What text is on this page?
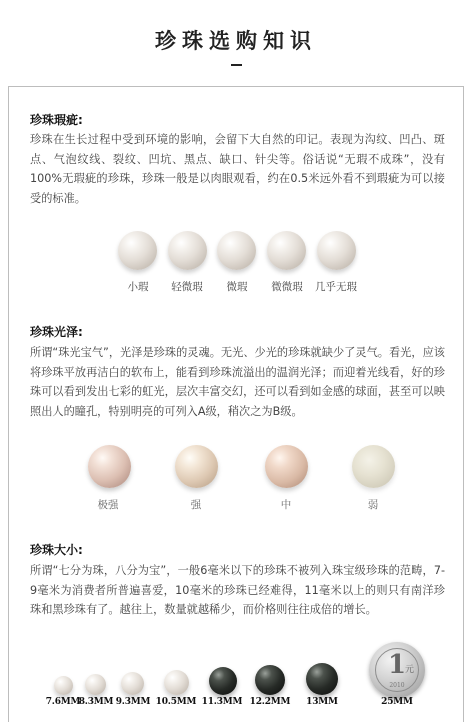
珍珠选购知识
珍珠瑕疵:
珍珠在生长过程中受到环境的影响，会留下大自然的印记。表现为沟纹、凹凸、斑点、气泡纹线、裂纹、凹坑、黑点、缺口、针尖等。俗话说“无瑕不成珠”，没有100%无瑕疵的珍珠，珍珠一般是以肉眼观看，约在0.5米远外看不到瑕疵为可以接受的标准。
小瑕	轻微瑕	微瑕	微微瑕	几乎无瑕
珍珠光泽:
所谓“珠光宝气”，光泽是珍珠的灵魂。无光、少光的珍珠就缺少了灵气。看光，应该将珍珠平放再洁白的软布上，能看到珍珠流溢出的温润光泽；而迎着光线看，好的珍珠可以看到发出七彩的虹光，层次丰富交幻，还可以看到如金感的球面，甚至可以映照出人的瞳孔，特别明亮的可列入A级，稍次之为B级。
极强	强	中	弱
珍珠大小:
所谓“七分为珠，八分为宝”，一般6毫米以下的珍珠不被列入珠宝级珍珠的范畴，7-9毫米为消费者所普遍喜爱，10毫米的珍珠已经难得，11毫米以上的则只有南洋珍珠和黑珍珠有了。越往上，数量就越稀少，而价格则往往成倍的增长。
1
元
2010
7.6MM
8.3MM 9.3MM 10.5MM 11.3MM 12.2MM	13MM	25MM
